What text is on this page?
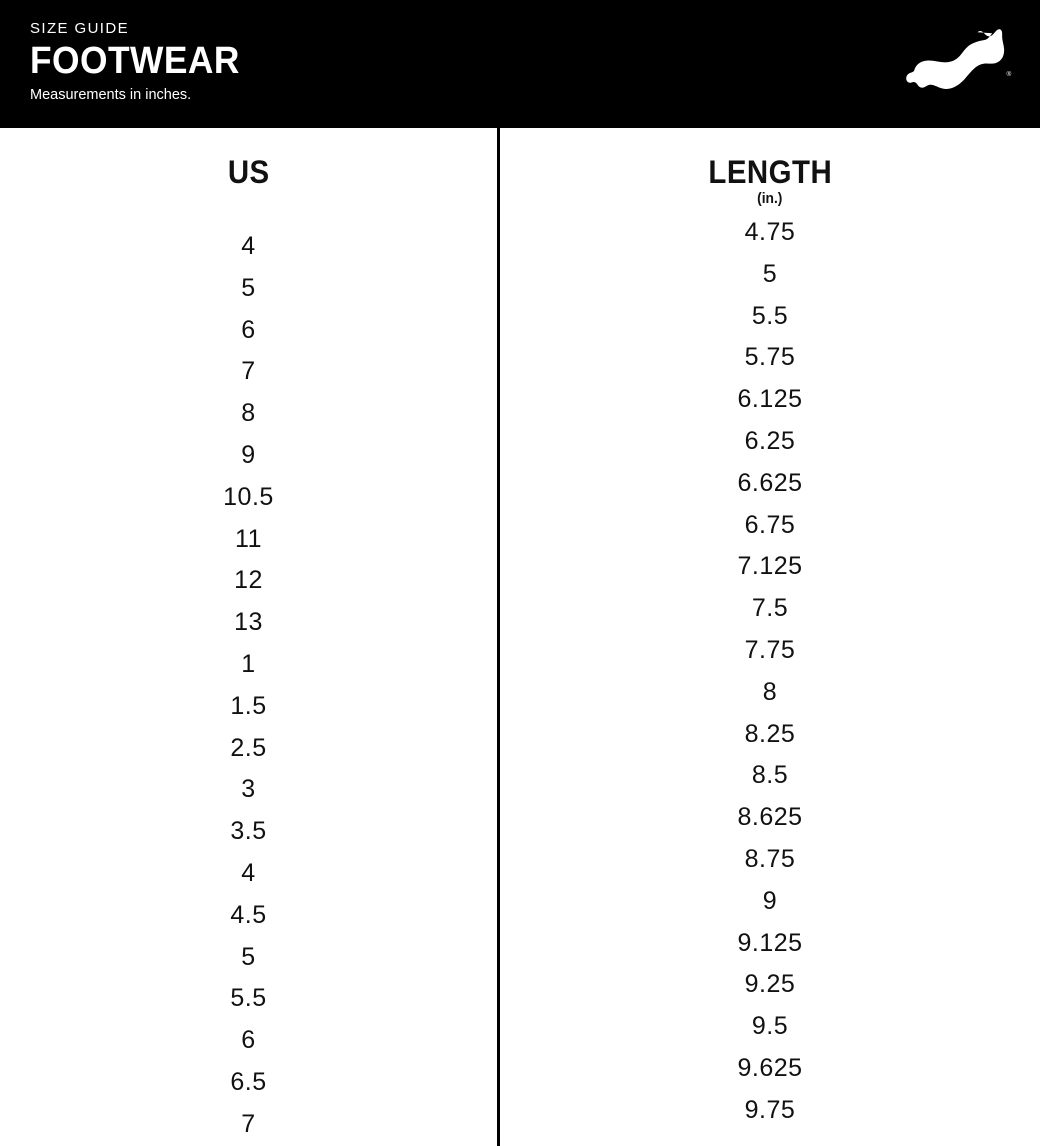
SIZE GUIDE

FOOTWEAR

Measurements in inches.

®
US
4
5
6
7
8
9
10.5
11
12
13
1
1.5
2.5
3
3.5
4
4.5
5
5.5
6
6.5
7
LENGTH
(in.)
4.75
5
5.5
5.75
6.125
6.25
6.625
6.75
7.125
7.5
7.75
8
8.25
8.5
8.625
8.75
9
9.125
9.25
9.5
9.625
9.75
